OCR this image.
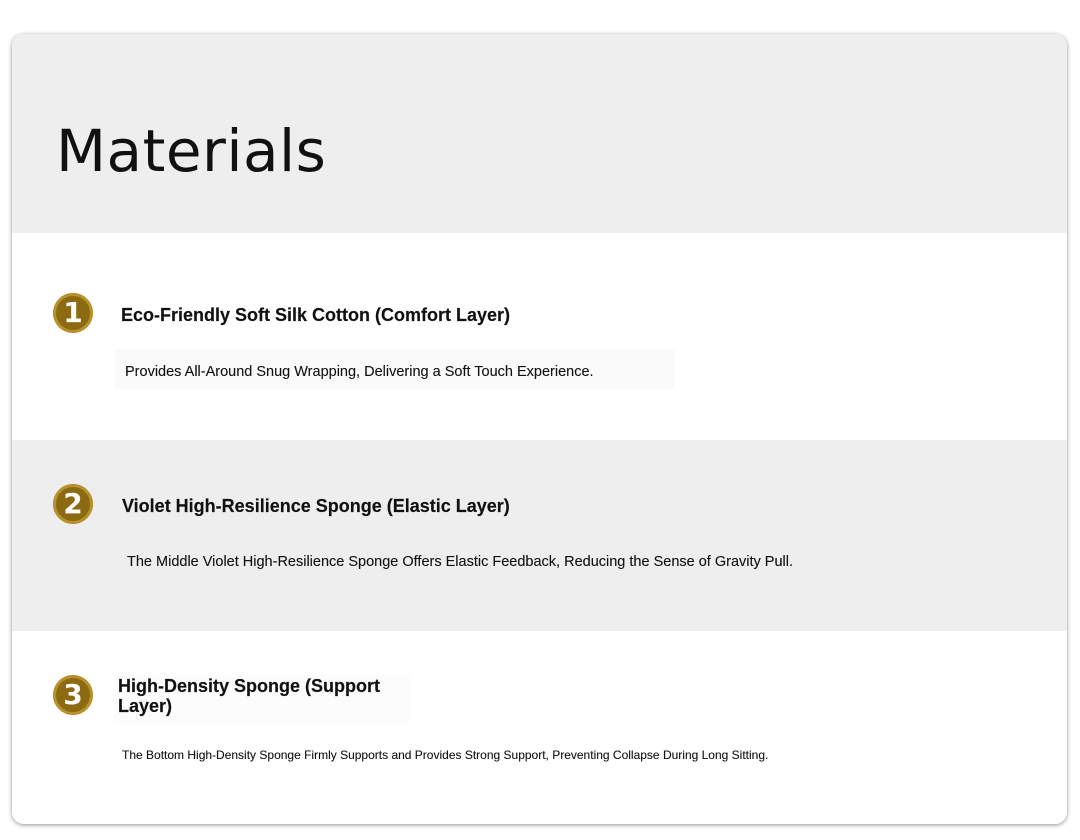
Materials
1	Eco-Friendly Soft Silk Cotton (Comfort Layer)

Provides All-Around Snug Wrapping, Delivering a Soft Touch Experience.

2	Violet High-Resilience Sponge (Elastic Layer)

The Middle Violet High-Resilience Sponge Offers Elastic Feedback, Reducing the Sense of Gravity Pull.

3	High-Density Sponge (Support Layer)

The Bottom High-Density Sponge Firmly Supports and Provides Strong Support, Preventing Collapse During Long Sitting.
